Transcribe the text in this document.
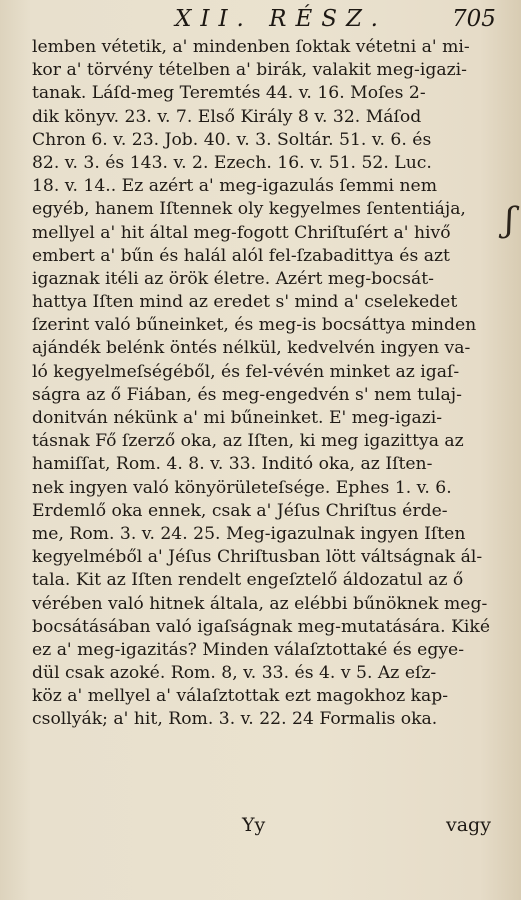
XII. RÉSZ.	705
lemben vétetik, a' mindenben ſoktak vétetni a' mi-
kor a' törvény tételben a' birák, valakit meg-igazi-
tanak. Láſd-meg Teremtés 44. v. 16. Moſes 2-
dik könyv. 23. v. 7. Első Király 8 v. 32. Máſod
Chron 6. v. 23. Job. 40. v. 3. Soltár. 51. v. 6. és
82. v. 3. és 143. v. 2. Ezech. 16. v. 51. 52. Luc.
18. v. 14.. Ez azért a' meg-igazulás ſemmi nem
egyéb, hanem Iſtennek oly kegyelmes ſententiája,
mellyel a' hit által meg-fogott Chriſtuſért a' hivő
embert a' bűn és halál alól fel-ſzabadittya és azt
igaznak itéli az örök életre. Azért meg-bocsát-
hattya Iſten mind az eredet s' mind a' cselekedet
ſzerint való bűneinket, és meg-is bocsáttya minden
ajándék belénk öntés nélkül, kedvelvén ingyen va-
ló kegyelmeſségéből, és fel-vévén minket az igaſ-
ságra az ő Fiában, és meg-engedvén s' nem tulaj-
donitván nékünk a' mi bűneinket. E' meg-igazi-
tásnak Fő ſzerző oka, az Iſten, ki meg igazittya az
hamiſſat, Rom. 4. 8. v. 33. Inditó oka, az Iſten-
nek ingyen való könyörületeſsége. Ephes 1. v. 6.
Erdemlő oka ennek, csak a' Jéſus Chriſtus érde-
me, Rom. 3. v. 24. 25. Meg-igazulnak ingyen Iſten
kegyelméből a' Jéſus Chriſtusban lött váltságnak ál-
tala. Kit az Iſten rendelt engeſztelő áldozatul az ő
vérében való hitnek általa, az elébbi bűnöknek meg-
bocsátásában való igaſságnak meg-mutatására. Kiké
ez a' meg-igazitás? Minden válaſztottaké és egye-
dül csak azoké. Rom. 8, v. 33. és 4. v 5. Az eſz-
köz a' mellyel a' válaſztottak ezt magokhoz kap-
csollyák; a' hit, Rom. 3. v. 22. 24 Formalis oka.
ʃ
Yy	vagy
